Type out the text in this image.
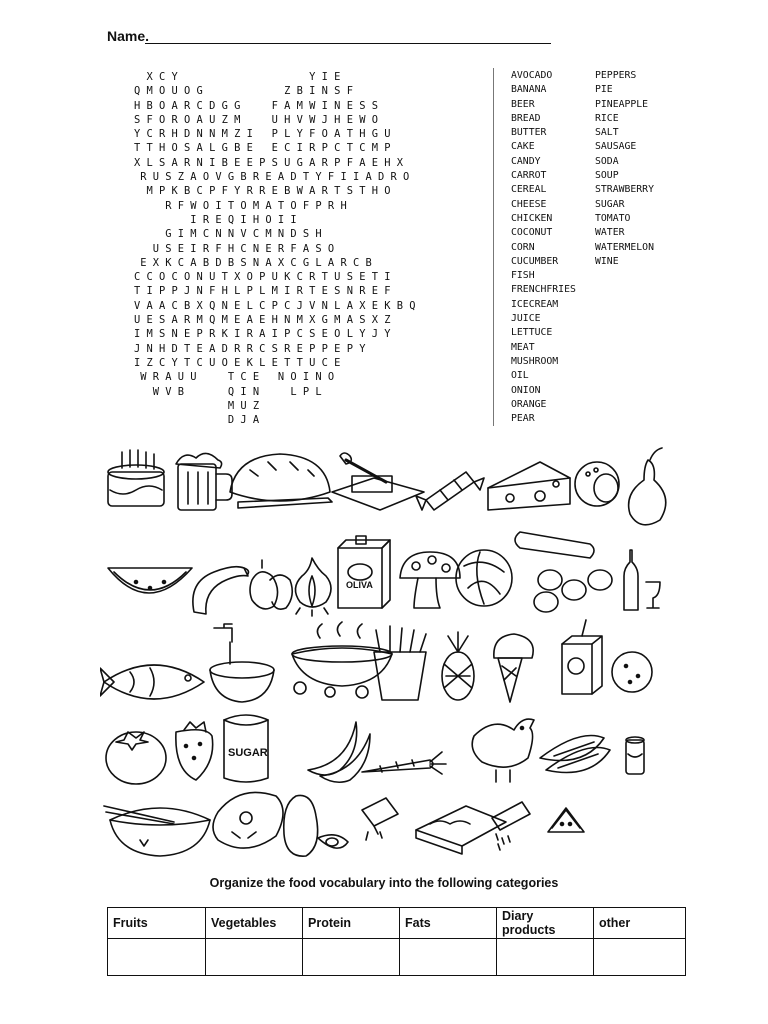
Name.
X C Y                     Y I E
Q M O U O G             Z B I N S F
H B O A R C D G G     F A M W I N E S S
S F O R O A U Z M     U H V W J H E W O
Y C R H D N N M Z I   P L Y F O A T H G U
T T H O S A L G B E   E C I R P C T C M P
X L S A R N I B E E P S U G A R P F A E H X
R U S Z A O V G B R E A D T Y F I I A D R O
M P K B C P F Y R R E B W A R T S T H O
R F W O I T O M A T O F P R H
I R E Q I H O I I
G I M C N N V C M N D S H
U S E I R F H C N E R F A S O
E X K C A B D B S N A X C G L A R C B
C C O C O N U T X O P U K C R T U S E T I
T I P P J N F H L P L M I R T E S N R E F
V A A C B X Q N E L C P C J V N L A X E K B Q
U E S A R M Q M E A E H N M X G M A S X Z
I M S N E P R K I R A I P C S E O L Y J Y
J N H D T E A D R R C S R E P P E P Y
I Z C Y T C U O E K L E T T U C E
W R A U U     T C E   N O I N O
W V B       Q I N     L P L
M U Z
D J A
AVOCADO
BANANA
BEER
BREAD
BUTTER
CAKE
CANDY
CARROT
CEREAL
CHEESE
CHICKEN
COCONUT
CORN
CUCUMBER
FISH
FRENCHFRIES
ICECREAM
JUICE
LETTUCE
MEAT
MUSHROOM
OIL
ONION
ORANGE
PEAR
PEPPERS
PIE
PINEAPPLE
RICE
SALT
SAUSAGE
SODA
SOUP
STRAWBERRY
SUGAR
TOMATO
WATER
WATERMELON
WINE
OLIVA
SUGAR
Organize the food vocabulary into the following categories
Fruits	Vegetables	Protein	Fats	Diary products	other
